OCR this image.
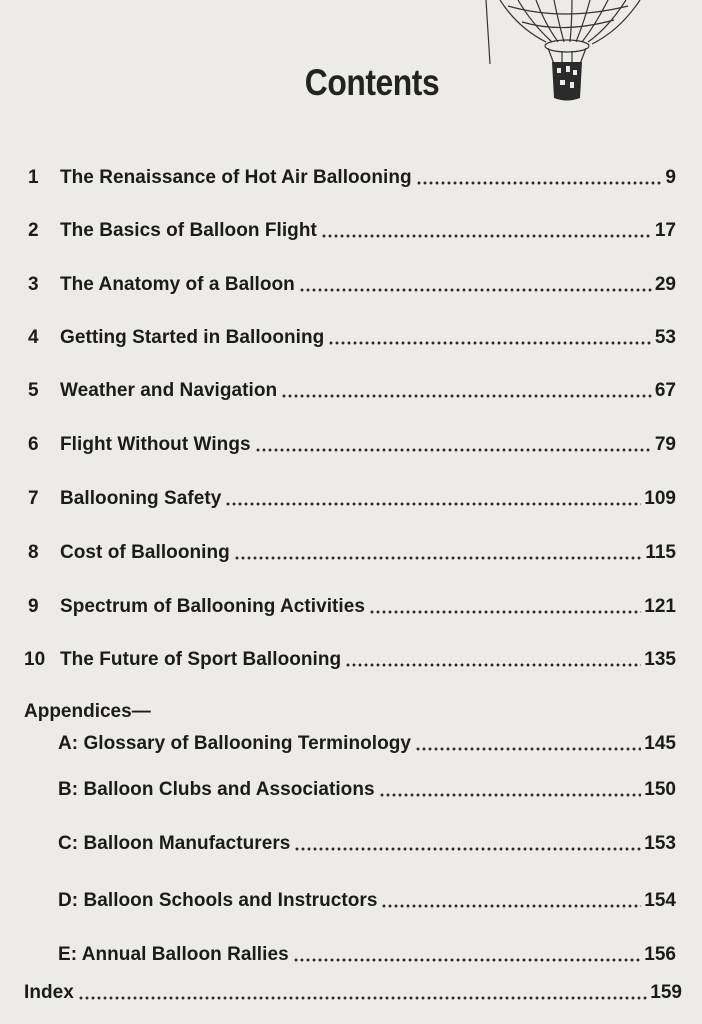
Contents
1	The Renaissance of Hot Air Ballooning	9
2	The Basics of Balloon Flight	17
3	The Anatomy of a Balloon	29
4	Getting Started in Ballooning	53
5	Weather and Navigation	67
6	Flight Without Wings	79
7	Ballooning Safety	109
8	Cost of Ballooning	115
9	Spectrum of Ballooning Activities	121
10 The Future of Sport Ballooning	135
Appendices—
A: Glossary of Ballooning Terminology	145
B: Balloon Clubs and Associations	150
C: Balloon Manufacturers	153
D: Balloon Schools and Instructors	154
E: Annual Balloon Rallies	156
Index	159
